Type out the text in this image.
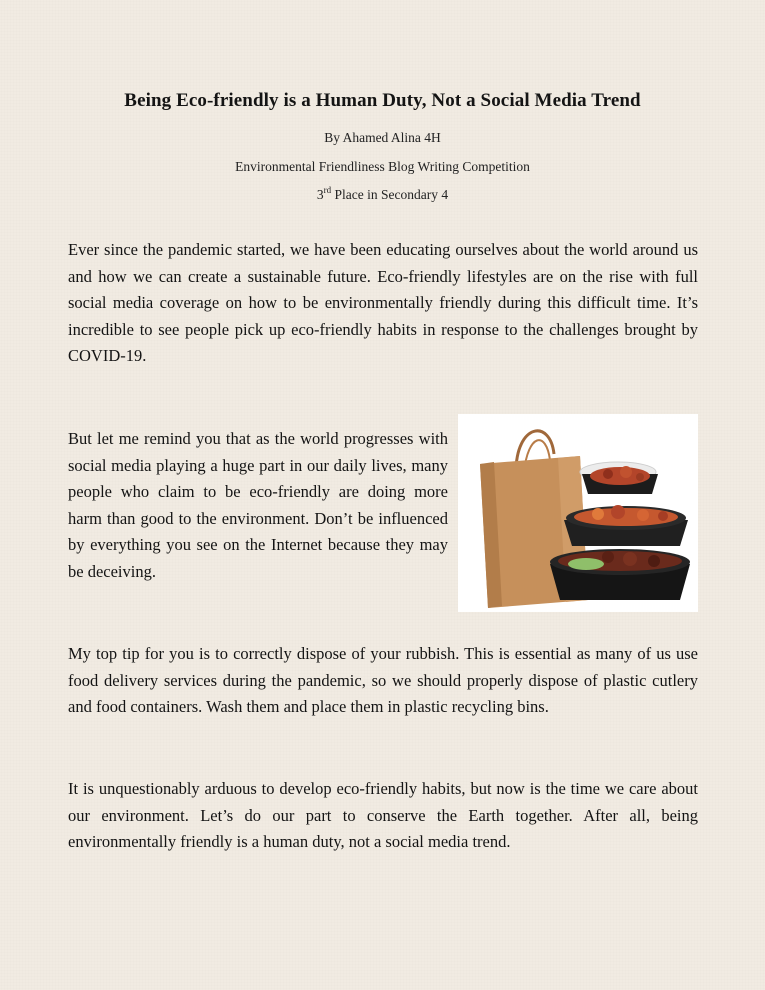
Being Eco-friendly is a Human Duty, Not a Social Media Trend
By Ahamed Alina 4H
Environmental Friendliness Blog Writing Competition
3rd Place in Secondary 4

Ever since the pandemic started, we have been educating ourselves about the world around us and how we can create a sustainable future. Eco-friendly lifestyles are on the rise with full social media coverage on how to be environmentally friendly during this difficult time. It’s incredible to see people pick up eco-friendly habits in response to the challenges brought by COVID-19.

But let me remind you that as the world progresses with social media playing a huge part in our daily lives, many people who claim to be eco-friendly are doing more harm than good to the environment. Don’t be influenced by everything you see on the Internet because they may be deceiving.

My top tip for you is to correctly dispose of your rubbish. This is essential as many of us use food delivery services during the pandemic, so we should properly dispose of plastic cutlery and food containers. Wash them and place them in plastic recycling bins.

It is unquestionably arduous to develop eco-friendly habits, but now is the time we care about our environment. Let’s do our part to conserve the Earth together. After all, being environmentally friendly is a human duty, not a social media trend.
